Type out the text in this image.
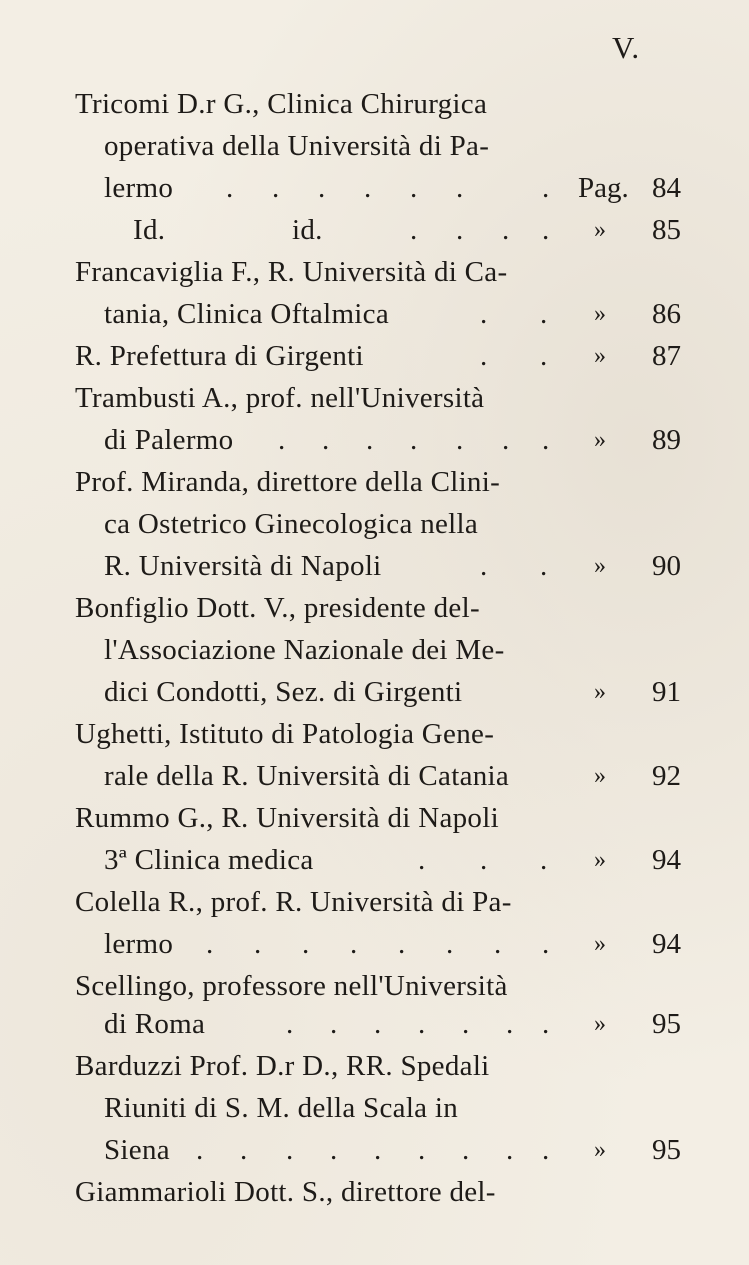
V.
Tricomi D.r G., Clinica Chirurgica
operativa della Università di Pa-
lermo . . . . . .	. Pag. 84
Id.	id.	. . . . » 85
Francaviglia F., R. Università di Ca-
tania, Clinica Oftalmica	. . » 86
R. Prefettura di Girgenti	. . » 87
Trambusti A., prof. nell'Università
di Palermo . . . . . . . » 89
Prof. Miranda, direttore della Clini-
ca Ostetrico Ginecologica nella
R. Università di Napoli	. . » 90
Bonfiglio Dott. V., presidente del-
l'Associazione Nazionale dei Me-
dici Condotti, Sez. di Girgenti	» 91
Ughetti, Istituto di Patologia Gene-
rale della R. Università di Catania	» 92
Rummo G., R. Università di Napoli
3ª Clinica medica	. . . » 94
Colella R., prof. R. Università di Pa-
lermo . . . . . . . . » 94
Scellingo, professore nell'Università
di Roma	. . . . . . . » 95
Barduzzi Prof. D.r D., RR. Spedali
Riuniti di S. M. della Scala in
Siena . . . . . . . . . » 95
Giammarioli Dott. S., direttore del-
